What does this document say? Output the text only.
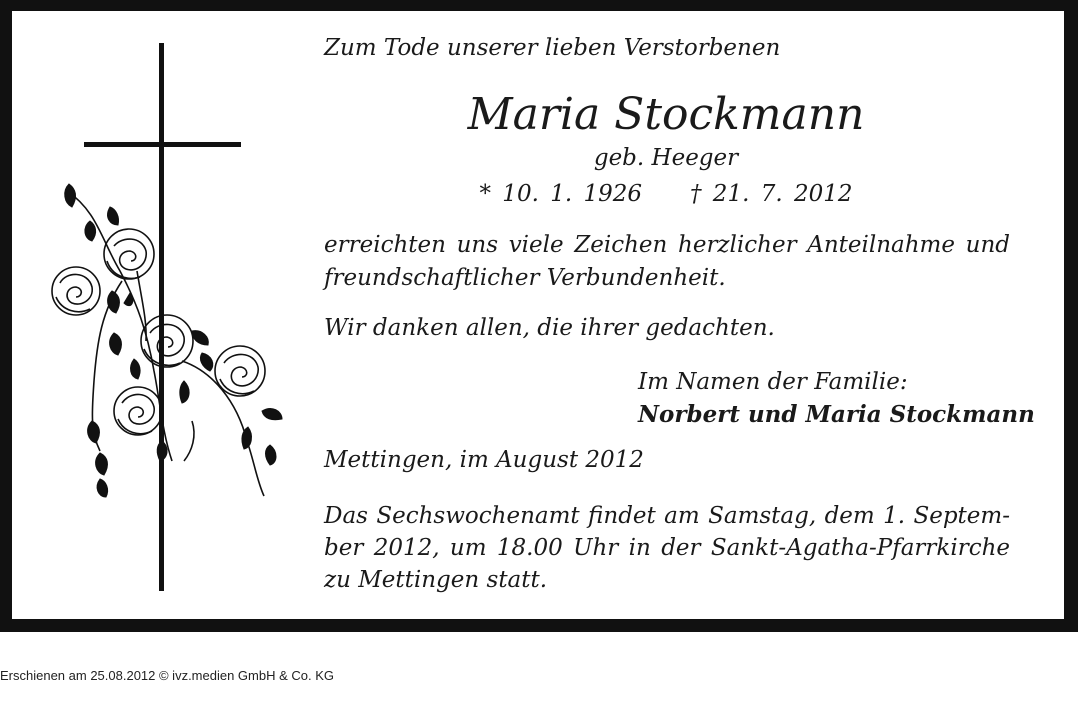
Zum Tode unserer lieben Verstorbenen
Maria Stockmann
geb. Heeger
* 10. 1. 1926 † 21. 7. 2012
erreichten uns viele Zeichen herzlicher Anteilnahme und freundschaftlicher Verbundenheit.
Wir danken allen, die ihrer gedachten.
Im Namen der Familie:
Norbert und Maria Stockmann
Mettingen, im August 2012
Das Sechswochenamt findet am Samstag, dem 1. Septem-ber 2012, um 18.00 Uhr in der Sankt-Agatha-Pfarrkirche zu Mettingen statt.
Erschienen am 25.08.2012 © ivz.medien GmbH & Co. KG
